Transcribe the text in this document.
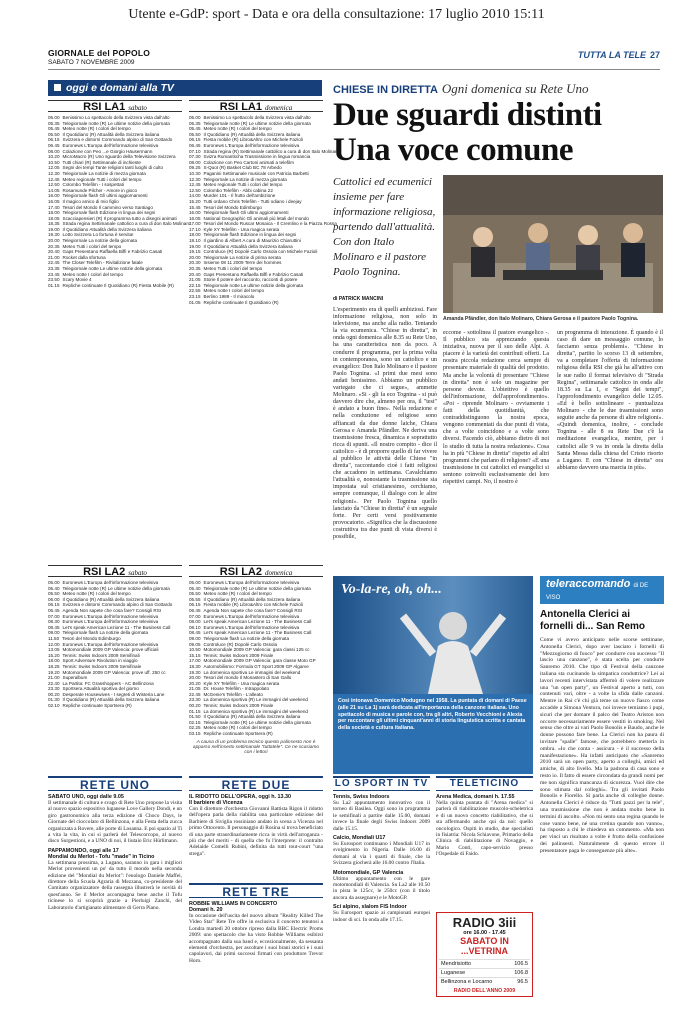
Utente e-GdP: sport - Data e ora della consultazione: 17 luglio 2010 15:11
GIORNALE del POPOLO
SABATO 7 NOVEMBRE 2009
TUTTA LA TELE 27
oggi e domani alla TV
RSI LA1 sabato
05.00 Benissimo Lo spettacolo della Svizzera vista dall'alto
05.35 Telegiornale notte (R) Le ultime notizie della giornata
05.45 Meteo notte (R) I colori del tempo
05.50 Il Quotidiano (R) Attualità della Svizzera italiana
06.15 Svizzera e dintorni Commando alpino di San Gottardo
06.45 Euronews L'Europa dell'informazione televisiva
08.00 Colazione con Peo ...e Giorgio Häusermann
10.20 MicroMacro (R) Uno sguardo della Televisione Svizzera
10.50 Tutti chiari (R) Settimanale di inchieste
12.05 Segni dei tempi Tante religioni tanti luoghi di culto
12.30 Telegiornale La notizie di mezza giornata
12.45 Meteo regionale Tutti i colori del tempo
12.50 Colombo Telefilm - I sospettati
14.05 Rosamunde Pilcher - Amore in gioco
16.00 Telegiornale flash Gli ultimi aggiornamenti
16.05 Il magico amico di mio figlio
17.40 Tesori del Mondo Il cammino verso Santiago
18.00 Telegiornale flash Edizione in lingua dei segni
18.05 Scacciapensieri (R) Il programma tutto a disegni animati
18.35 Strada regina Settimanale cattolico a cura di don Italo Molinaro
19.00 Il Quotidiano Attualità della Svizzera italiana
19.30 Lotto Svizzera Lo fortuna è servita!
20.00 Telegiornale La notizie della giornata
20.35 Meteo Tutti i colori del tempo
20.40 Gaps Presentano Raffaella Biffi e Fabrizio Casati
21.00 Rocket dalla sfortuna
22.45 The Closer Telefilm - Rivitalizione fatale
23.35 Telegiornale notte Le ultime notizie della giornata
23.45 Meteo notte I colori del tempo
23.50 Scary Movie 4
01.15 Repliche continuate Il Quotidiano (R) Fiesta Mobile (R)
RSI LA1 domenica
05.00 Benissimo Lo spettacolo della Svizzera vista dall'alto
05.35 Telegiornale notte (R) Le ultime notizie della giornata
05.45 Meteo notte (R) I colori del tempo
05.50 Il Quotidiano (R) Attualità della Svizzera italiana
06.15 Fiesta mobile (R) Libro&Altro con Michele Fazioli
06.45 Euronews L'Europa dell'informazione televisiva
07.10 Strada regina (R) Settimanale cattolico a cura di don Italo Molinaro
07.30 Svizra Rumantscha Trasmissione in lingua romancia
08.00 Colazione con Peo Cartoni animati a telefilm
09.25 S-Quot (R) Basket Club BC 78 Arbedo
10.30 Paganini Settimanale musicale con Patricia Barbetti
12.30 Telegiornale La notizie di mezza giornata
12.45 Meteo regionale Tutti i colori del tempo
12.50 Colombo Telefilm - Abbi cabina 22
14.00 Murder 101 - Il frutto dell'ambizione
15.20 Tutti ordano Chris Telefilm - Tutti odiano i deejay
15.45 Tesori del Mondo Edimburgo
16.00 Telegiornale flash Gli ultimi aggiornamenti
16.05 National Geographic Gli animali più letali del mondo
17.00 Tesori del Mondo Ruscar Mosaica - Il Cremlino e la Piazza Rossa
17.10 Kyle XY Telefilm - Una magica serata
18.00 Telegiornale flash Edizione in lingua dei segni
18.10 Il giardino di Albert A cura di Maurizio Chiaruttini
19.00 Il Quotidiano Attualità della Svizzera italiana
19.15 Controluce (R) Dopolé Carlo Ossola con Michele Fazioli
20.00 Telegiornale La notizie di prima serata
20.30 Insieme 08 11 2009 Terre dei hommes
20.35 Meteo Tutti i colori del tempo
20.40 Gaps Presentano Raffaella Biffi e Fabrizio Casati
21.05 Storie Il potere del racconto, racconti di potere
22.15 Telegiornale notte Le ultime notizie della giornata
22.55 Meteo notte I colori del tempo
23.15 Berlino 1989 - Il miracolo
01.05 Repliche continuate Il Quotidiano (R)
RSI LA2 sabato
05.00 Euronews L'Europa dell'informazione televisiva
05.40 Telegiornale notte (R) Le ultime notizie della giornata
05.50 Meteo notte (R) I colori del tempo
06.00 Il Quotidiano (R) Attualità della Svizzera italiana
06.15 Svizzera e dintorni Commando alpino di San Gottardo
06.45 Agenda Non sapete che cosa fare? Consigli RSI
07.00 Euronews L'Europa dell'informazione televisiva
08.30 Euronews L'Europa dell'informazione televisiva
08.45 Let's speak American Lezione 11 - The Business Call
09.00 Telegiornale flash La notizie della giornata
11.50 Tesori del Mondo Edimburgo
12.00 Euronews L'Europa dell'informazione televisiva
13.05 Motomondiale 2009 GP Valencia: prove ufficiali
15.20 Tennis: Swiss Indoors 2009 Semifinali
18.00 Sport Adventure Rivolution in viaggio
18.25 Tennis: Swiss Indoors 2009 Semifinale
19.20 Motomondiale 2009 GP Valencia: prove uff. 250 cc
21.00 Superalbum
22.40 La Partita: FC Grasshoppers - AC Bellinzona
23.30 Sportsera Attualità sportiva del giorno
00.20 Desperate Housewives - I segreti di Wisteria Lane
01.30 Il Quotidiano (R) Attualità della Svizzera italiana
02.10 Repliche continuate Sportsera (R)
RSI LA2 domenica
05.00 Euronews L'Europa dell'informazione televisiva
05.40 Telegiornale notte (R) Le ultime notizie della giornata
05.50 Meteo notte (R) I colori del tempo
05.55 Il Quotidiano (R) Attualità della Svizzera italiana
06.15 Fiesta mobile (R) Libro&Altro con Michele Fazioli
06.45 Agenda Non sapete che cosa fare? Consigli RSI
07.00 Euronews L'Europa dell'informazione televisiva
08.00 Let's speak American Lezione 11 - The Business Call
08.10 Euronews L'Europa dell'informazione televisiva
08.45 Let's speak American Lezione 11 - The Business Call
09.00 Telegiornale flash La notizie della giornata
09.05 Controluce (R) Dopolé Carlo Ossola
10.50 Motomondiale 2009 GP Valencia: gara classi 125 cc
15.15 Tennis: Swiss Indoors 2009 Finale
17.00 Motomondiale 2009 GP Valencia: gara classe Moto GP
18.30 Automobilismo: Formula GT Sport 2009 GP Algarve
19.30 La domenica sportiva Le immagini del weekend
20.00 Tesori del mondo Il Monastero di San Gallo
20.20 Kyle XY Telefilm - Una magica serata
21.05 Dr. House Telefilm - Intrappolato
22.45 McGenie's Telefilm - L'alleato
23.30 La domenica sportiva (R) Le immagini del weekend
00.20 Tennis: Swiss Indoors 2009 Finale
01.15 La domenica sportiva (R) Le immagini del weekend
01.50 Il Quotidiano (R) Attualità della Svizzera italiana
02.15 Telegiornale notte (R) Le ultime notizie della giornata
02.25 Meteo notte (R) I colori del tempo
03.15 Repliche continuate Sportsera (R)
A causa di un problema tecnico questo palinsesto non è apparso nell'inserto settimanale "tuttatele". Ce ne scusiamo con i lettori
CHIESE IN DIRETTA Ogni domenica su Rete Uno
Due sguardi distinti
Una voce comune
Cattolici ed ecumenici insieme per fare informazione religiosa, partendo dall'attualità. Con don Italo Molinaro e il pastore Paolo Tognina.
di PATRICK MANCINI
L'esperimento era di quelli ambiziosi. Fare informazione religiosa, non solo in televisione, ma anche alla radio. Tentando la via ecumenica. "Chiese in diretta", in onda ogni domenica alle 8.35 su Rete Uno, ha una caratteristica non da poco. A condurre il programma, per la prima volta in contemporanea, sono un cattolico e un evangelico: Don Italo Molinaro e il pastore Paolo Tognina. «I primi due mesi sono andati benissimo. Abbiamo un pubblico variegato che ci segue», ammette Molinaro. «Si - gli fa eco Tognina - si può davvero dire che, almeno per ora, il "test" è andato a buon fine». Nella redazione e nella conduzione ed religiose sono affiancati da due donne laiche, Chiara Gerosa e Amanda Pfändler. Ne deriva una trasmissione fresca, dinamica e soprattutto ricca di spunti. «Il nostro compito - dice il cattolico - è di proporre quello di far vivere al pubblico le attività delle Chiese "in diretta", raccontando cioè i fatti religiosi che accadono in settimana. Cavalchiamo l'attualità e, nonostante la trasmissione sia impostata sul cristianesimo, cerchiamo, sempre comunque, il dialogo con le altre religioni». Per Paolo Tognina quello lanciato da "Chiese in diretta" è un segnale forte. Per certi versi positivamente provocatorio. «Significa che la discussione costruttiva tra due punti di vista diversi è possibile,
Amanda Pfändler, don Italo Molinaro, Chiara Gerosa e il pastore Paolo Tognina.
eccome - sottolinea il pastore evangelico -. Il pubblico sta apprezzando questa iniziativa, nuova per il suo delle Alpi. A piacere è la varietà dei contributi offerti. La nostra piccola redazione cerca sempre di presentare materiale di qualità del prodotto. Ma anche la volontà di presentare "Chiese in diretta" non è solo un magazine per persone devote. L'obiettivo è quello dell'informazione, dell'approfondimento». «Poi - riprende Molinaro - ovviamente i fatti della quotidianità, che contraddistinguono la nostra epoca, vengono commentati da due punti di vista, che a volte coincidono e a volte sono diversi. Facendo ciò, abbiamo dietro di noi lo studio di tutta la nostra redazione». Cosa ha in più "Chiese in diretta" rispetto ad altri programmi che parlano di religione? «È una trasmissione in cui cattolici ed evangelici si sentono coinvolti esclusivamente dei loro rispettivi campi. No, il nostro è
un programma di interazione. È quando è il caso di dare un messaggio comune, lo facciamo senza problemi». "Chiese in diretta", partito lo scorso 13 di settembre, va a completare l'offerta di informazione religiosa della RSI che già ha all'attivo con le sue radio il format televisivo di "Strada Regina", settimanale cattolico in onda alle 18.35 su La 1, e "Segni dei tempi", l'approfondimento evangelico delle 12.05. «Ed è bello sottolineare - puntualizza Molinaro - che le due trasmissioni sono seguite anche da persone di altre religioni». «Quindi domenica, inoltre, - conclude Tognina - alle 8 su Rete Due c'è la meditazione evangelica, mentre, per i cattolici alle 9 va in onda la diretta della Santa Messa dalla chiesa del Cristo risorto a Lugano. E con "Chiese in diretta" ora abbiamo davvero una marcia in più».
Vo-la-re, oh, oh...
Così intonava Domenico Modugno nel 1958. La puntata di domani di Paese (alle 21 su La 1) sarà dedicata all'importanza della canzone italiana. Uno spettacolo di musica e parole con, tra gli altri, Roberto Vecchioni e Alexia per raccontare gli ultimi cinquant'anni di storia linguistica scritta e cantata della società e cultura italiana.
teleraccomando di DE VISO
Antonella Clerici ai fornelli di... San Remo
Come vi avevo anticipato nelle scorse settimane, Antonella Clerici, dopo aver lasciato i fornelli di "Mezzogiorno di fuoco" per condurre con successo "Il lascio una canzone", è stata scelta per condurre Sanremo 2010. Che tipo di Festival della canzone italiana sta cucinando la simpatica conduttrice? Lei ai lavori recenti intervistata affermò di volere realizzare una "un open party", un Festival aperto a tutti, con contenuti vari, oltre - a volte la sfida dalle canzoni. Mentre in Rai c'è chi già teme un nuovo fiasco come accadde a Simona Ventura, noi invece temiamo i pupi, sicuri che per domare il palco del Teatro Ariston non occorre necessariamente essere vestiti in smoking. Nel senso che oltre ai vari Paolo Bonolis e Baudo, anche le donne possono fare bene. La Clerici non ha paura di invitare "spalle" famose, che potrebbero metterla in ombra. «Io che conta - assicura - è il successo della manifestazione». Ha infatti anticipato che «Sanremo 2010 sarà un open party, aperto a colleghi, amici ed amiche, di alto livello. Ma la padrona di casa sono e resto io. Il fatto di essere circondata da grandi nomi per me non significa mancanza di sicurezza. Vuol dire che sono stimata dal colleghi». Tra gli invitati Paolo Bonolis e Fiorello. Si parla anche di colleghe donne. Antonella Clerici è riduce da "Tutti pazzi per la tele", una trasmissione che non è andata molto bene in termini di ascolto. «Non mi sento una regina quando le cose vanno bene, né una cretina quando non vanno», ha risposto a chi le chiedeva un commento. «Ma non per vinci un risultato a volte è frutto della confusione dei palinsesti. Naturalmente di questo errore il presentatore paga le conseguenze più alte».
RETE UNO
SABATO UNO, oggi dalle 9.05
Il settimanale di cultura e svago di Rete Uno propone la visita al nuovo spazio espositivo luganese Love Gallery Dondi, e un giro gastronomico alla terza edizione di Choco Days, le Giornate del cioccolato di Bellinzona, e alla Festa della zucca organizzata a Rovere, alle porte di Losanna. E poi spazio al Ti a vita la vita, in cui si parlerà del Telescorcopo, al nuovo disco Surgestioni, e a UNO di noi, il liutaio Eric Hürlimann.
PAPPAMONDO, oggi alle 17
Mondial du Merlot - Tofu "made" in Ticino
La settimana prossima, a Lugano, saranno in gara i migliori Merlot provenienti un po' da tutto il mondo nella seconda edizione del "Mondial du Merlot": l'enologo Daniele Maffei, direttore della Scuola Agraria di Mezzana, co-presidente del Comitato organizzatore della rassegna illustrerà le novità di quest'anno. Se il Merlot accompagna bene anche il Tofu ticinese lo si scoprirà grazie a Pierluigi Zanchi, del Laboratorio d'artigianato alimentare di Gerra Piano.
RETE DUE
IL RIDOTTO DELL'OPERA, oggi h. 13.30
Il barbiere di Vicenza
Con il direttore d'orchestra Giovanni Battista Rigon il ridotto dell'opera parla della riabilita una particolare edizione del Barbiere di Siviglia rossiniano andato in scena a Vicenza nel primo Ottocento. Il personaggio di Rosina si trova beneficiato di una parte straordinariamente ricca in virtù dell'arroganza - più che del meriti - di quella che fu l'interprete: il contralto Adelaide Comelli Rubini, definita da tutti tout-court "una strega".
RETE TRE
ROBBIE WILLIAMS IN CONCERTO
Domani h. 20
In occasione dell'uscita del nuovo album "Reality Killed The Video Star" Rete Tre offre in esclusiva il concerto tenutosi a Londra martedì 20 ottobre ripreso dalla BBC Electric Proms 2009: uno spettacolo che ha visto Robbie Williams esibirsi accompagnato dalla sua band e, eccezionalmente, da sessanta elementi d'orchestra, per ascoltare i suoi brani storici e i suoi capolavori, dai primi successi firmati con produttore Trevor Horn.
LO SPORT IN TV
Tennis, Swiss Indoors
Su La2 appuntamento innovativo con il torneo di Basilea. Oggi sono in programma le semifinali a partire dalle 15.00, domani invece la finale degli Swiss Indoors 2009 dalle 15.15.
Calcio, Mondiali U17
Su Eurosport continuano i Mondiali U17 in svolgimento in Nigeria. Dalle 16.00 di domani al via i quarti di finale, che la Svizzera giocherà alle 16.00 contro l'Italia.
Motomondiale, GP Valencia
Ultimo appuntamento con le gare motomondiali di Valencia. Su La2 alle 10.50 in pista le 125cc, le 250cc (con il titolo ancora da assegnare) e le MotoGP.
Sci alpino, slalom FIS Indoor
Su Eurosport spazio ai campionati europei indoor di sci. In onda alle 17.15.
TELETICINO
Arena Medica, domani h. 17.55
Nella quinta puntata di "Arena medica" si parlerà di riabilitazione muscolo-scheletrica e di un nuovo concetto riabilitativo, che si sta affermando anche qui da noi: quello oncologico. Ospiti in studio, due specialisti in fisiatria: Nicola Schiavone, Primario della Clinica di riabilitazione di Novaggio, e Mario Conti, capo-servizio presso l'Ospedale di Faido.
RADIO 3iii
ore 16.00 - 17.45
SABATO IN ...VETRINA
Mendrisiotto	106.5
Luganese	106.8
Bellinzona e Locarno	96.5
RADIO DELL'ANNO 2009
